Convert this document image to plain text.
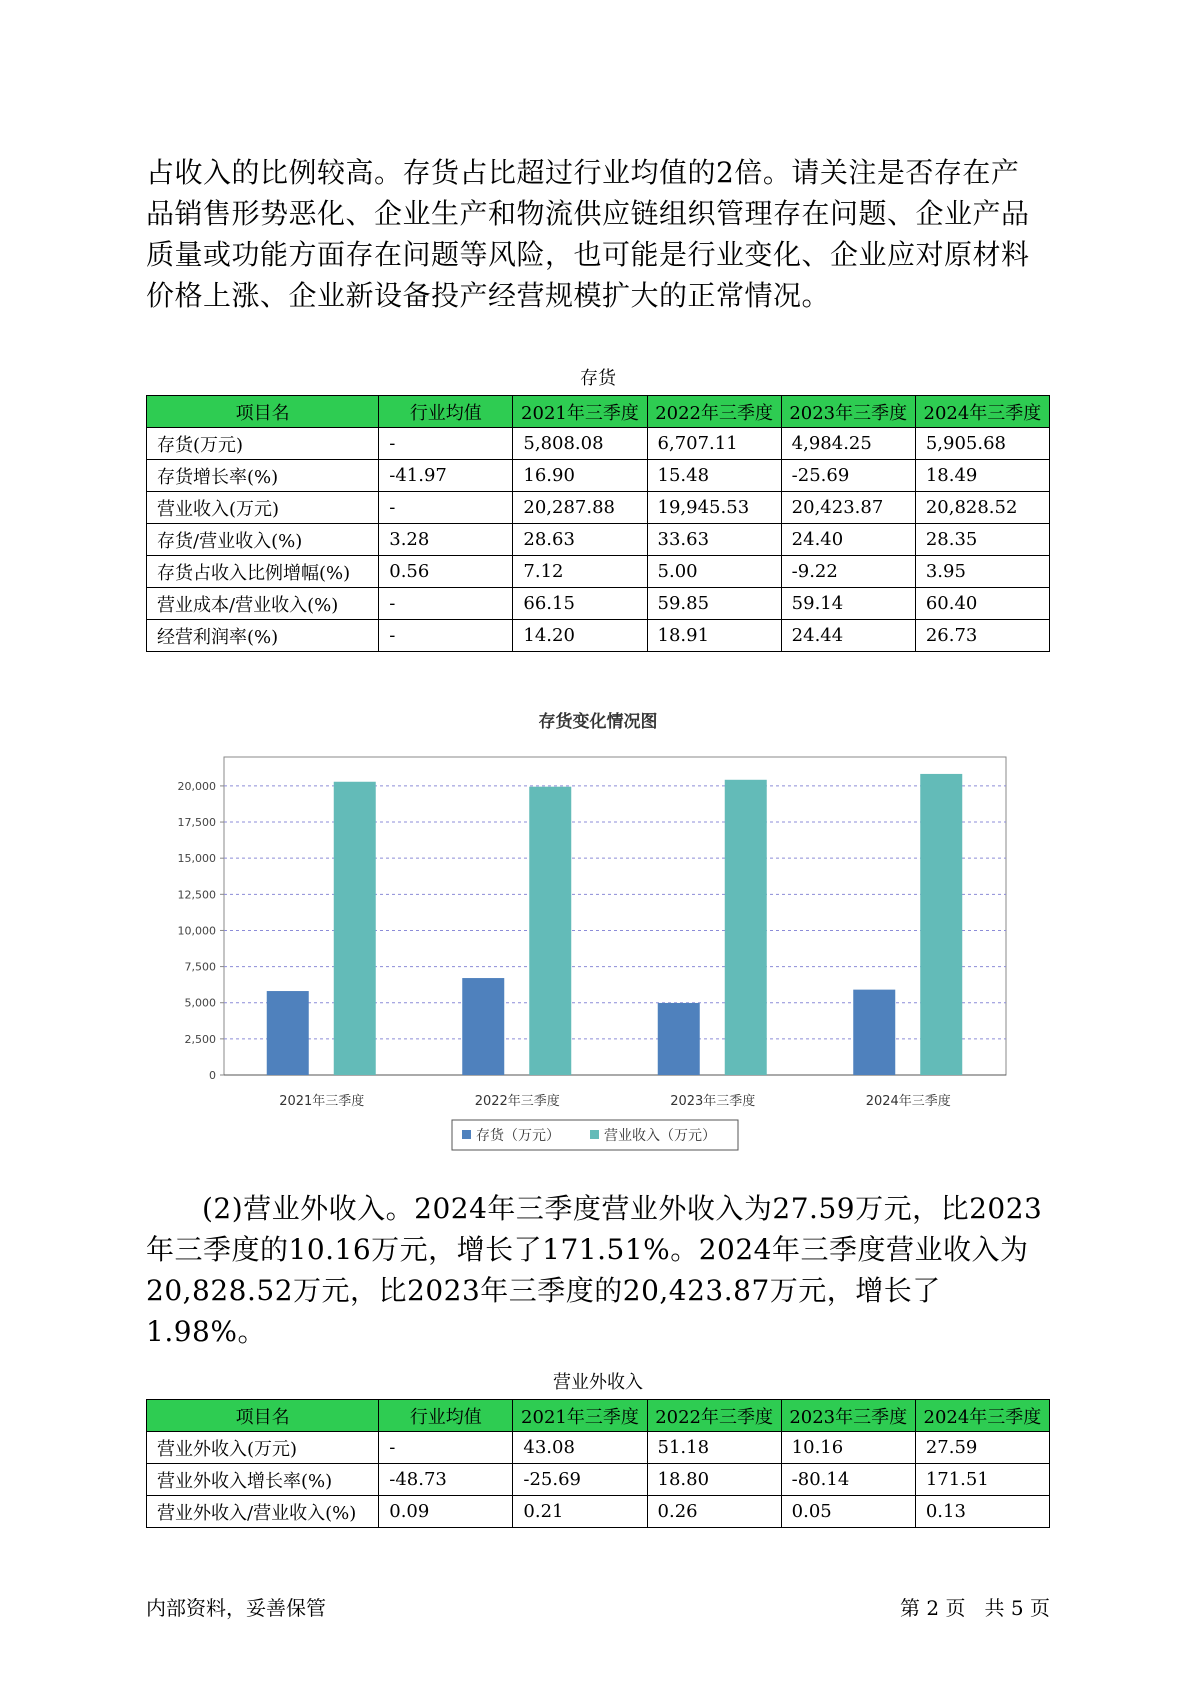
占收入的比例较高。存货占比超过行业均值的2倍。请关注是否存在产品销售形势恶化、企业生产和物流供应链组织管理存在问题、企业产品质量或功能方面存在问题等风险，也可能是行业变化、企业应对原材料价格上涨、企业新设备投产经营规模扩大的正常情况。

存货
项目名	行业均值	2021年三季度	2022年三季度	2023年三季度	2024年三季度
存货(万元)	-	5,808.08	6,707.11	4,984.25	5,905.68
存货增长率(%)	-41.97	16.90	15.48	-25.69	18.49
营业收入(万元)	-	20,287.88	19,945.53	20,423.87	20,828.52
存货/营业收入(%)	3.28	28.63	33.63	24.40	28.35
存货占收入比例增幅(%)	0.56	7.12	5.00	-9.22	3.95
营业成本/营业收入(%)	-	66.15	59.85	59.14	60.40
经营利润率(%)	-	14.20	18.91	24.44	26.73
存货变化情况图
0
2,500
5,000
7,500
10,000
12,500
15,000
17,500
20,000
2021年三季度	2022年三季度	2023年三季度	2024年三季度
存货（万元）	营业收入（万元）

(2)营业外收入。2024年三季度营业外收入为27.59万元，比2023年三季度的10.16万元，增长了171.51%。2024年三季度营业收入为20,828.52万元，比2023年三季度的20,423.87万元，增长了1.98%。

营业外收入
项目名	行业均值	2021年三季度	2022年三季度	2023年三季度	2024年三季度
营业外收入(万元)	-	43.08	51.18	10.16	27.59
营业外收入增长率(%)	-48.73	-25.69	18.80	-80.14	171.51
营业外收入/营业收入(%)	0.09	0.21	0.26	0.05	0.13
内部资料，妥善保管	第 2 页   共 5 页
